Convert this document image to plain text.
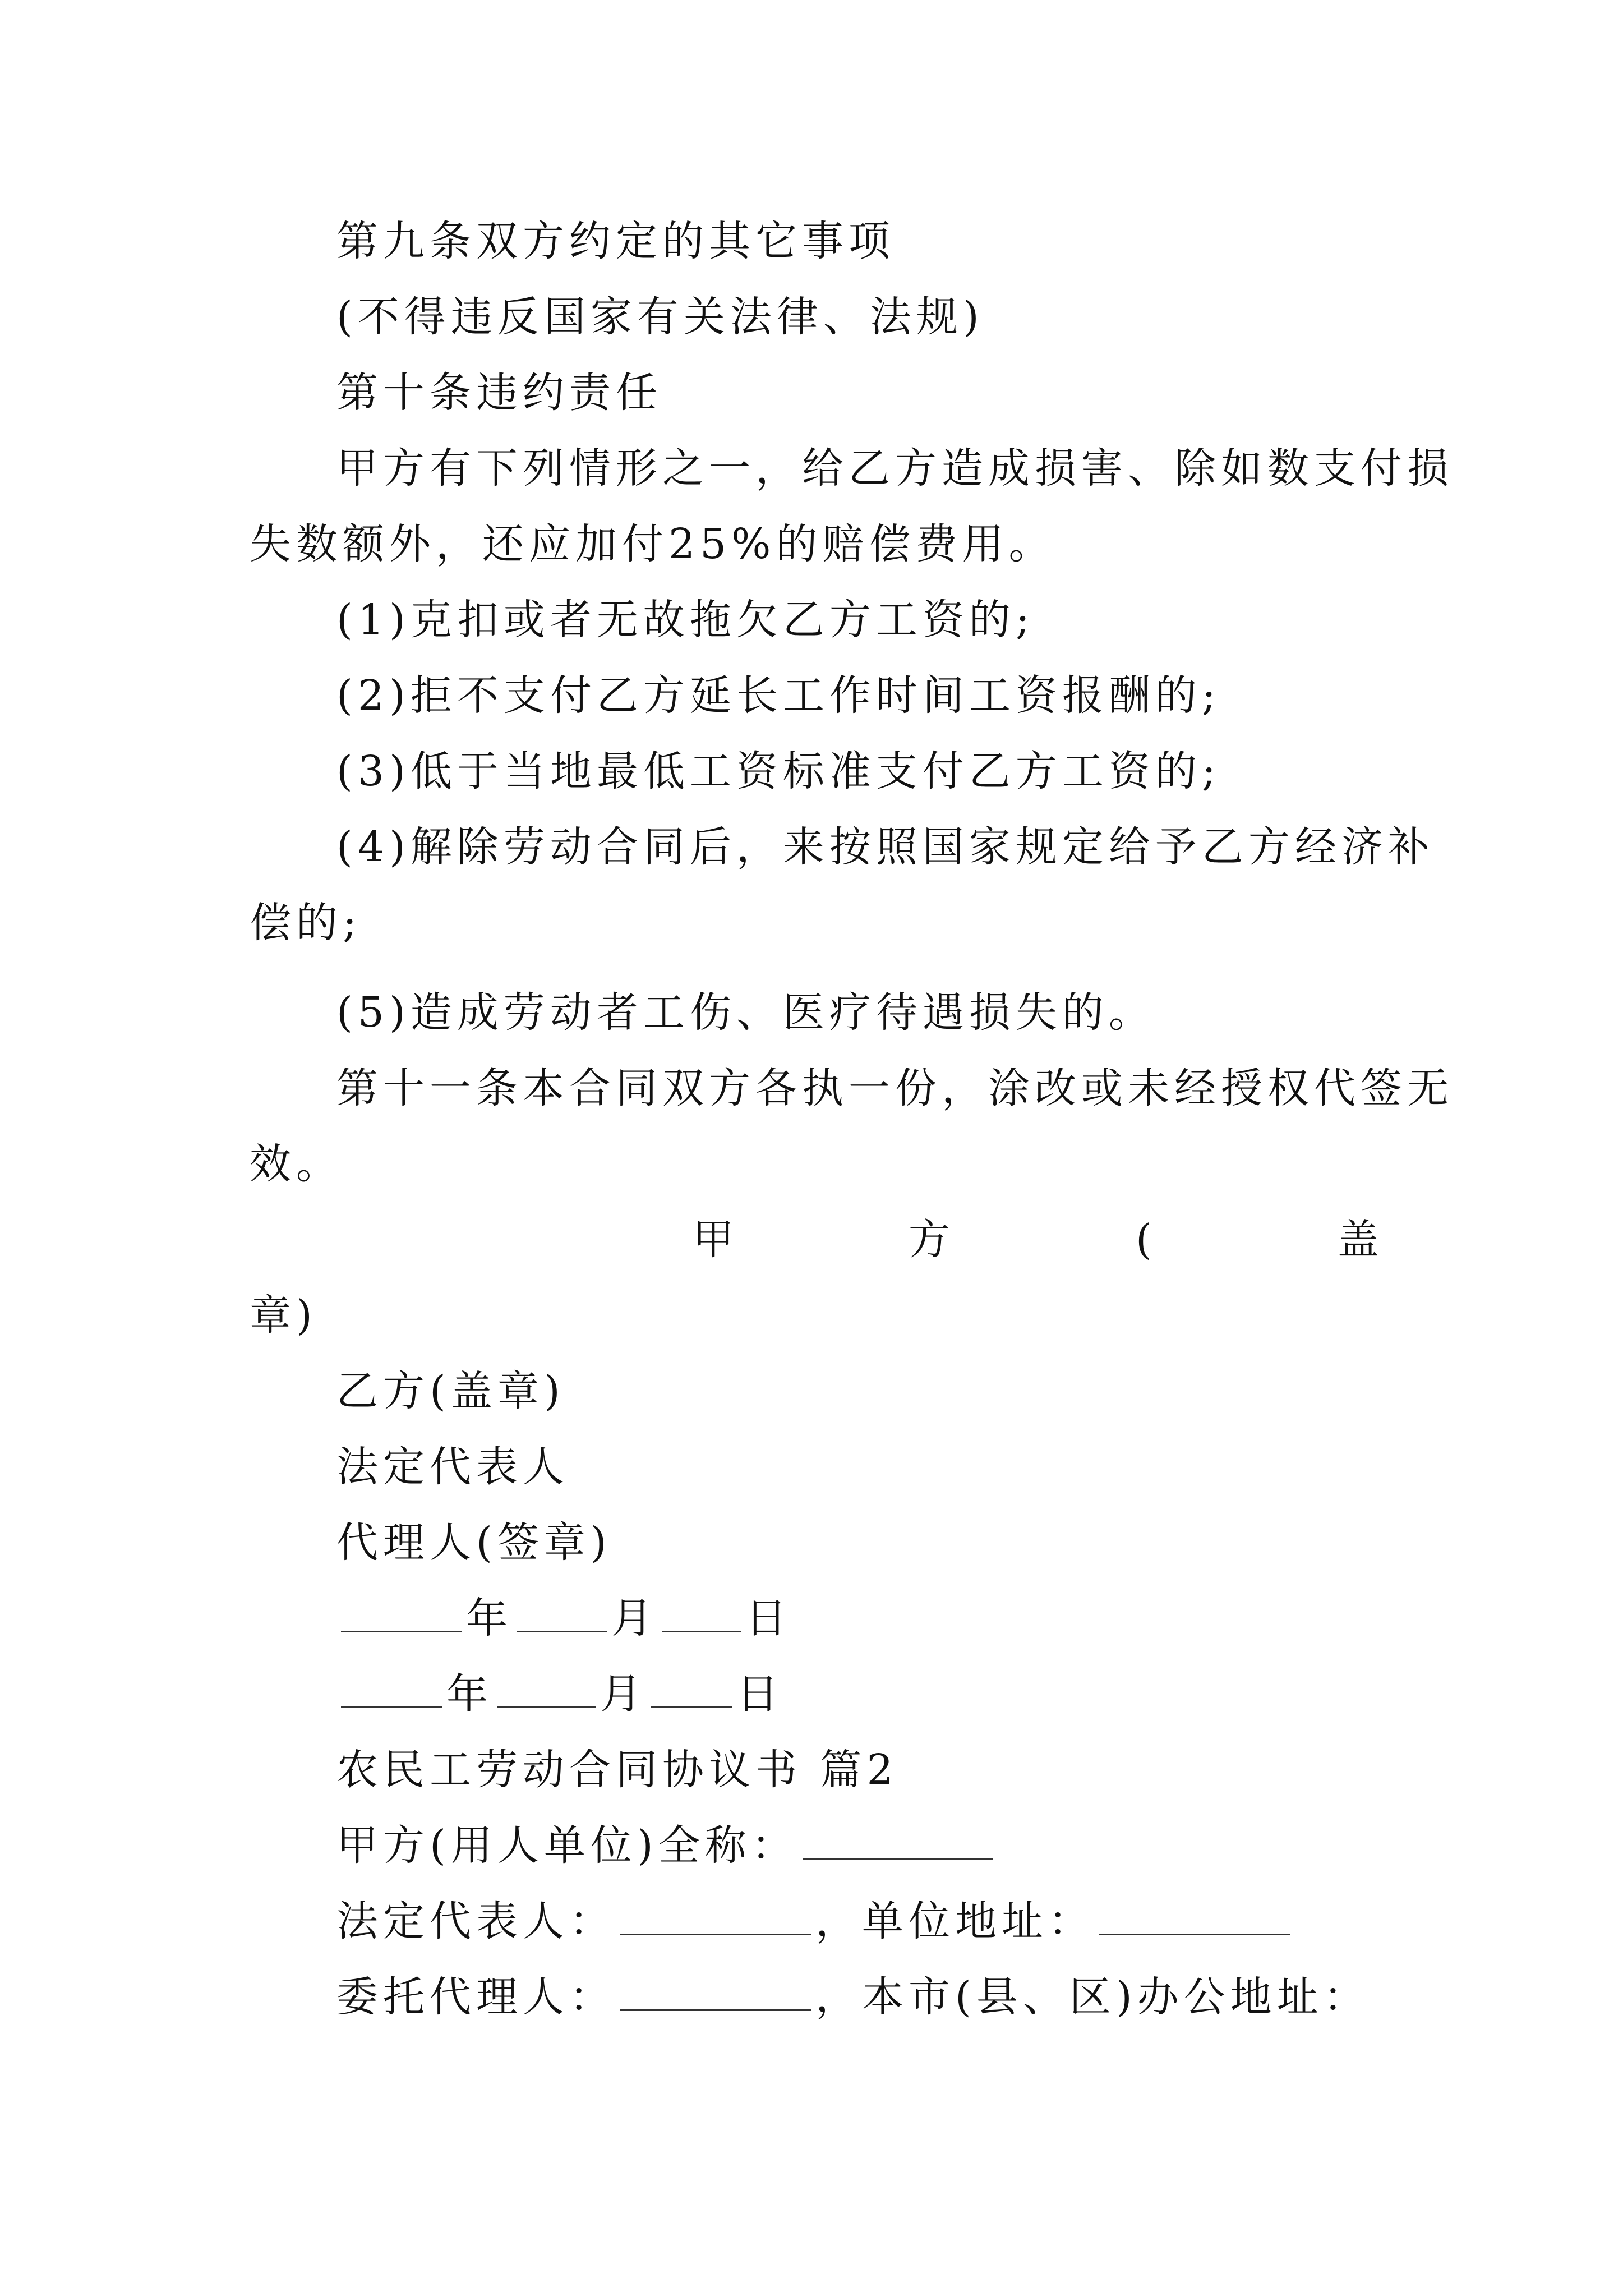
第九条双方约定的其它事项
(不得违反国家有关法律、法规)
第十条违约责任
甲方有下列情形之一，给乙方造成损害、除如数支付损
失数额外，还应加付25%的赔偿费用。
(1)克扣或者无故拖欠乙方工资的;
(2)拒不支付乙方延长工作时间工资报酬的;
(3)低于当地最低工资标准支付乙方工资的;
(4)解除劳动合同后，来按照国家规定给予乙方经济补
偿的;
(5)造成劳动者工伤、医疗待遇损失的。
第十一条本合同双方各执一份，涂改或未经授权代签无
效。
甲	方	(	盖
章)
乙方(盖章)
法定代表人
代理人(签章)
年 月 日
年	月 日
农民工劳动合同协议书 篇2
甲方(用人单位)全称：
法定代表人：	，单位地址：
委托代理人：	，本市(县、区)办公地址：
